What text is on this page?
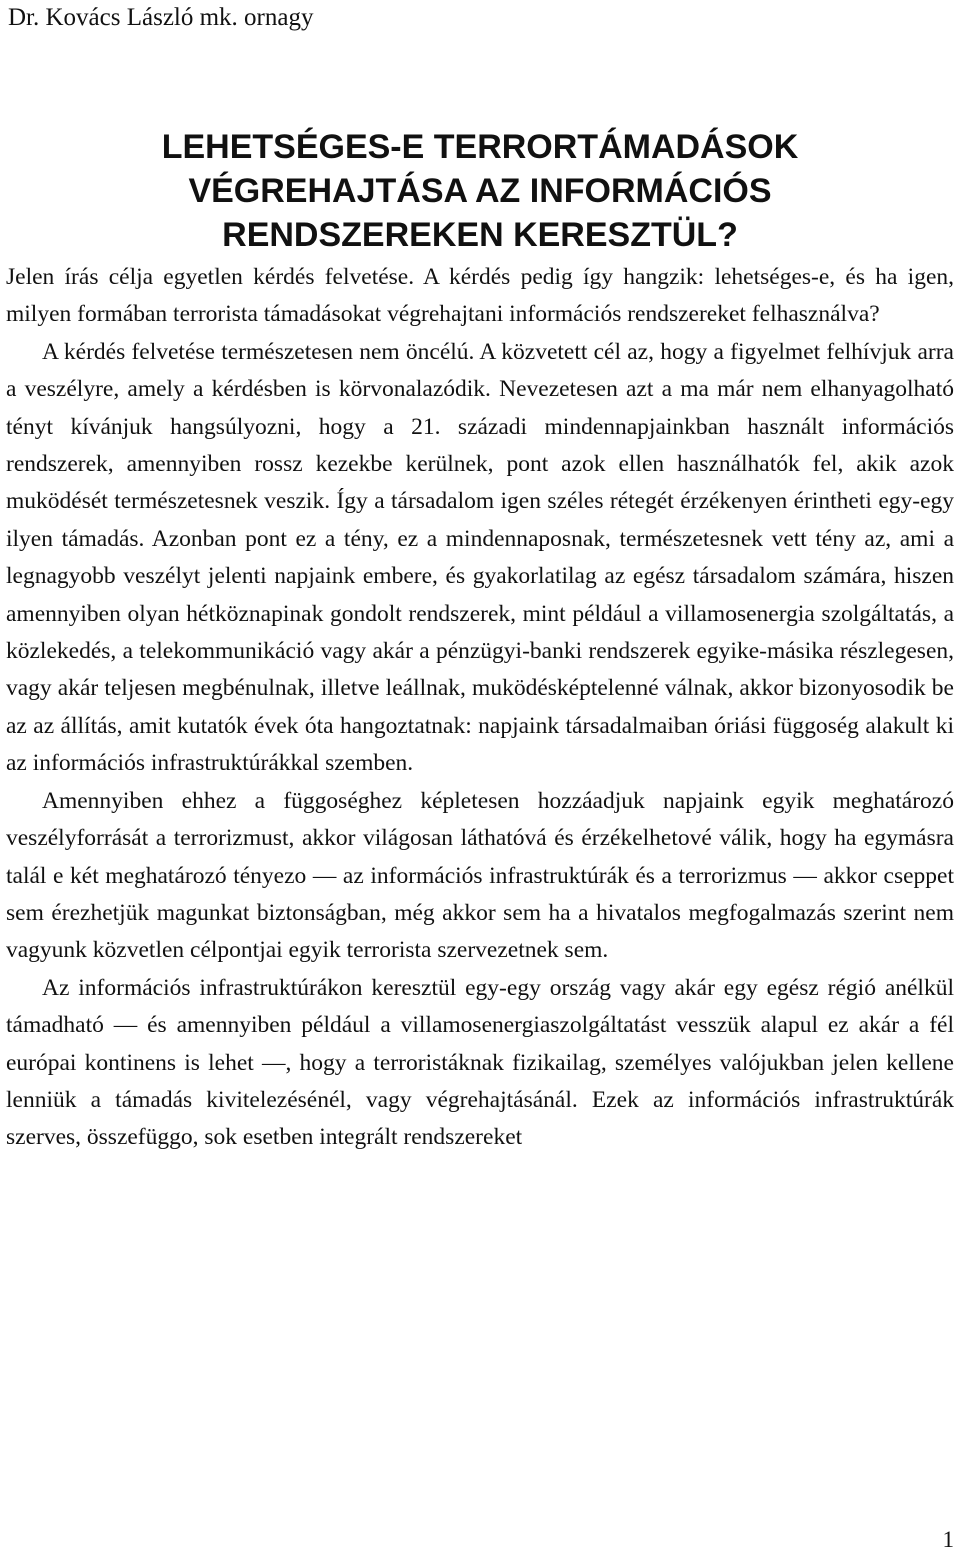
Dr. Kovács László mk. ornagy

LEHETSÉGES-E TERRORTÁMADÁSOK
VÉGREHAJTÁSA AZ INFORMÁCIÓS
RENDSZEREKEN KERESZTÜL?

Jelen írás célja egyetlen kérdés felvetése. A kérdés pedig így hangzik: lehetséges-e, és ha igen, milyen formában terrorista támadásokat végrehajtani információs rendszereket felhasználva?

A kérdés felvetése természetesen nem öncélú. A közvetett cél az, hogy a figyelmet felhívjuk arra a veszélyre, amely a kérdésben is körvonalazódik. Nevezetesen azt a ma már nem elhanyagolható tényt kívánjuk hangsúlyozni, hogy a 21. századi mindennapjainkban használt információs rendszerek, amennyiben rossz kezekbe kerülnek, pont azok ellen használhatók fel, akik azok muködését természetesnek veszik. Így a társadalom igen széles rétegét érzékenyen érintheti egy-egy ilyen támadás. Azonban pont ez a tény, ez a mindennaposnak, természetesnek vett tény az, ami a legnagyobb veszélyt jelenti napjaink embere, és gyakorlatilag az egész társadalom számára, hiszen amennyiben olyan hétköznapinak gondolt rendszerek, mint például a villamosenergia szolgáltatás, a közlekedés, a telekommunikáció vagy akár a pénzügyi-banki rendszerek egyike-másika részlegesen, vagy akár teljesen megbénulnak, illetve leállnak, muködésképtelenné válnak, akkor bizonyosodik be az az állítás, amit kutatók évek óta hangoztatnak: napjaink társadalmaiban óriási függoség alakult ki az információs infrastruktúrákkal szemben.

Amennyiben ehhez a függoséghez képletesen hozzáadjuk napjaink egyik meghatározó veszélyforrását a terrorizmust, akkor világosan láthatóvá és érzékelhetové válik, hogy ha egymásra talál e két meghatározó tényezo — az információs infrastruktúrák és a terrorizmus — akkor cseppet sem érezhetjük magunkat biztonságban, még akkor sem ha a hivatalos megfogalmazás szerint nem vagyunk közvetlen célpontjai egyik terrorista szervezetnek sem.

Az információs infrastruktúrákon keresztül egy-egy ország vagy akár egy egész régió anélkül támadható — és amennyiben például a villamosenergiaszolgáltatást vesszük alapul ez akár a fél európai kontinens is lehet —, hogy a terroristáknak fizikailag, személyes valójukban jelen kellene lenniük a támadás kivitelezésénél, vagy végrehajtásánál. Ezek az információs infrastruktúrák szerves, összefüggo, sok esetben integrált rendszereket

1
